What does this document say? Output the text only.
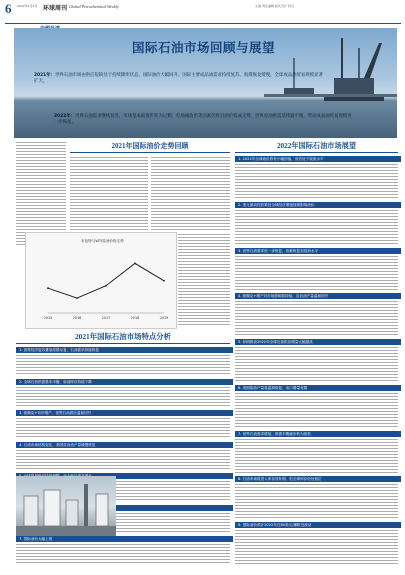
6 2022年1月4日 环球周刊 Global Petrochemical Weekly	主编 责任编辑 版式设计 校对
国际石油市场回顾与展望
2021年：世界石油市场由供应短缺处于持续降库状态，国际油价大幅回升。国际主要成品油需求持续复苏，航煤恢复缓慢，全球成品油贸易规模显著扩大。
2022年：世界石油需求继续复苏，市场基本面逐步转为过剩，但地缘政治等因素仍将对油价构成支撑，世界原油供需延续紧平衡，带动成品油贸易规模进一步恢复。
2021年国际油价走势回顾
布伦特与WTI原油价格走势
2015	2016	2017	2018	2019
2022年国际石油市场展望
1. 2022年全球油价将有小幅回落，但仍处于较高水平
2. 美元流动性收紧及全球经济增速放缓影响油价
3. 世界石油需求进一步恢复，但难恢复至疫前水平
4. 欧佩克+增产对市场影响将持续，页岩油产量温和回升
5. 伊朗核谈2022年全球石油供应增量大幅提高
6. 美国原油产量将温和恢复，出口增量有限
7. 世界石油需求增加，供需平衡逐步转为宽松
8. 石油市场将进入库存回补期，但全球库存仍处低位
9. 国际油价预计2022年在80美元/桶附近波动
2021年国际石油市场特点分析
1. 世界经济复苏叠加疫情反复，石油需求持续恢复
2. 全球石油供需基本平衡，原油库存持续下降
3. 欧佩克+有序增产，世界石油供应温和回升
4. 石油市场结构变化，美国页岩油产量缓慢恢复
7. 国际油价大幅上涨
